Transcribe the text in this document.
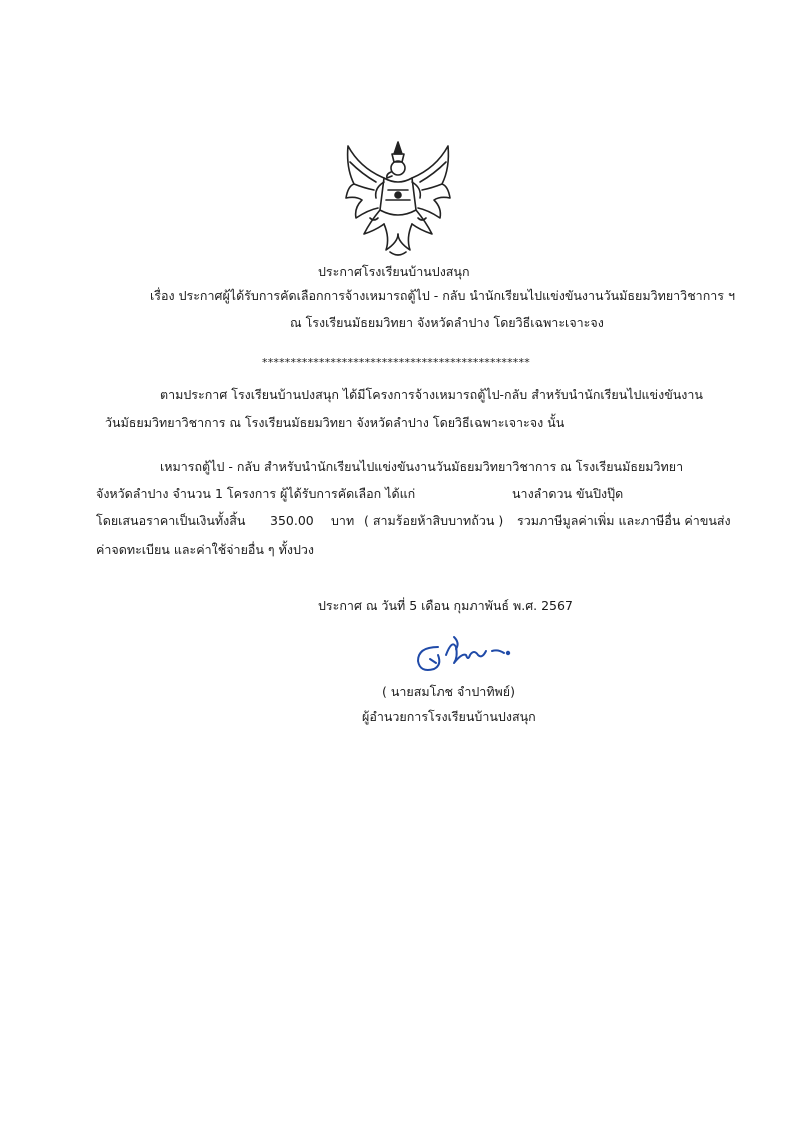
ประกาศโรงเรียนบ้านปงสนุก
เรื่อง ประกาศผู้ได้รับการคัดเลือกการจ้างเหมารถตู้ไป - กลับ นำนักเรียนไปแข่งขันงานวันมัธยมวิทยาวิชาการ ฯ
ณ โรงเรียนมัธยมวิทยา จังหวัดลำปาง โดยวิธีเฉพาะเจาะจง
***********************************************
ตามประกาศ โรงเรียนบ้านปงสนุก ได้มีโครงการจ้างเหมารถตู้ไป-กลับ สำหรับนำนักเรียนไปแข่งขันงาน
วันมัธยมวิทยาวิชาการ ณ โรงเรียนมัธยมวิทยา จังหวัดลำปาง โดยวิธีเฉพาะเจาะจง นั้น
เหมารถตู้ไป - กลับ สำหรับนำนักเรียนไปแข่งขันงานวันมัธยมวิทยาวิชาการ ณ โรงเรียนมัธยมวิทยา
จังหวัดลำปาง จำนวน 1 โครงการ ผู้ได้รับการคัดเลือก ได้แก่	นางลำดวน ขันปิงปุ๊ด
โดยเสนอราคาเป็นเงินทั้งสิ้น 350.00 บาท ( สามร้อยห้าสิบบาทถ้วน ) รวมภาษีมูลค่าเพิ่ม และภาษีอื่น ค่าขนส่ง
ค่าจดทะเบียน และค่าใช้จ่ายอื่น ๆ ทั้งปวง
ประกาศ ณ วันที่ 5 เดือน กุมภาพันธ์ พ.ศ. 2567
( นายสมโภช จำปาทิพย์)
ผู้อำนวยการโรงเรียนบ้านปงสนุก
